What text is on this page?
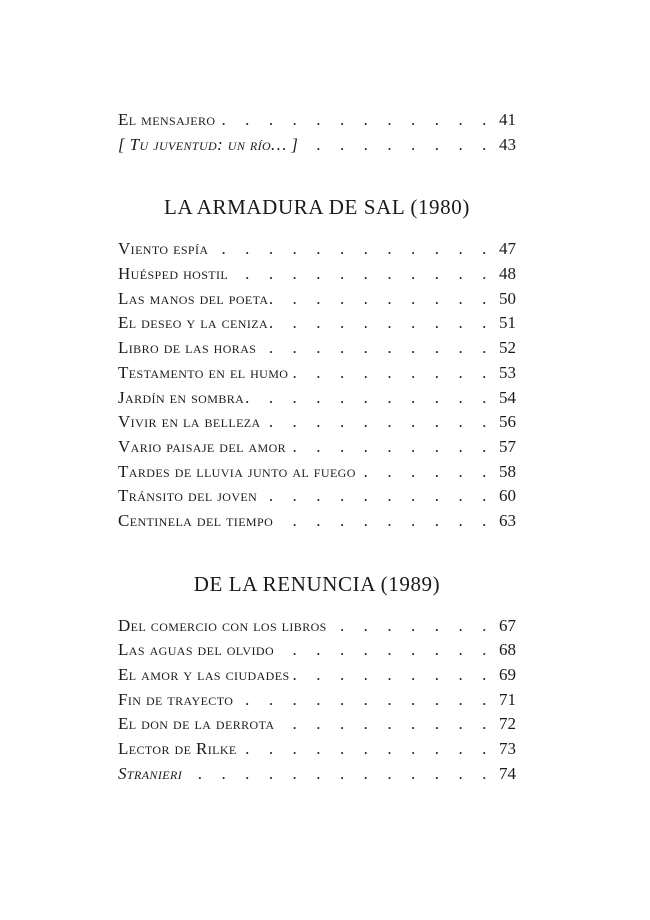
El mensajero . . .	41
[ Tu juventud: un río… ] . . .	43
LA ARMADURA DE SAL (1980)
Viento espía . . .	47
Huésped hostil . . .	48
Las manos del poeta . . .	50
El deseo y la ceniza . . .	51
Libro de las horas . . .	52
Testamento en el humo . . .	53
Jardín en sombra . . .	54
Vivir en la belleza . . .	56
Vario paisaje del amor . . .	57
Tardes de lluvia junto al fuego . . .	58
Tránsito del joven . . .	60
Centinela del tiempo . . .	63
DE LA RENUNCIA (1989)
Del comercio con los libros . . .	67
Las aguas del olvido . . .	68
El amor y las ciudades . . .	69
Fin de trayecto . . .	71
El don de la derrota . . .	72
Lector de Rilke . . .	73
Stranieri . . .	74
